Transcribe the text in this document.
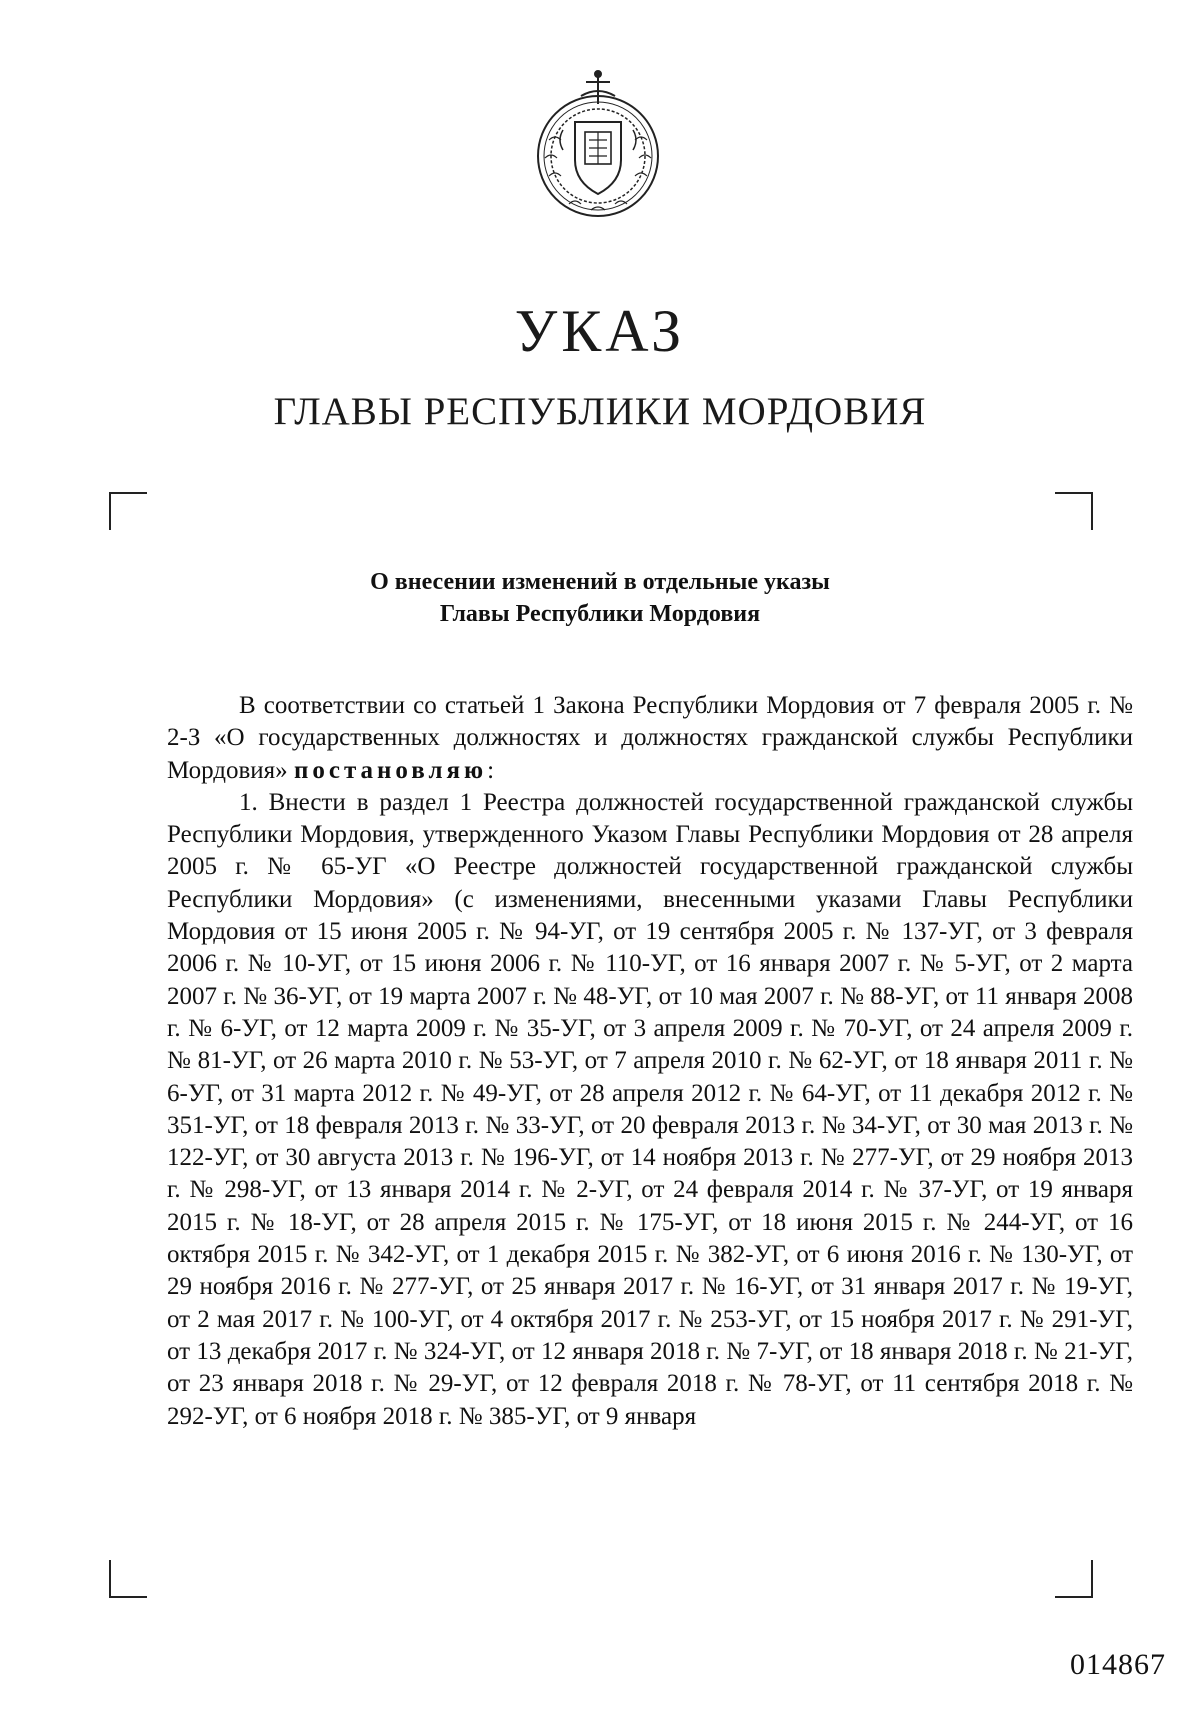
УКАЗ
ГЛАВЫ РЕСПУБЛИКИ МОРДОВИЯ
О внесении изменений в отдельные указы
Главы Республики Мордовия

В соответствии со статьей 1 Закона Республики Мордовия от 7 февраля 2005 г. № 2-З «О государственных должностях и должностях гражданской службы Республики Мордовия» постановляю:

1. Внести в раздел 1 Реестра должностей государственной гражданской службы Республики Мордовия, утвержденного Указом Главы Республики Мордовия от 28 апреля 2005 г. № 65-УГ «О Реестре должностей государственной гражданской службы Республики Мордовия» (с изменениями, внесенными указами Главы Республики Мордовия от 15 июня 2005 г. № 94-УГ, от 19 сентября 2005 г. № 137-УГ, от 3 февраля 2006 г. № 10-УГ, от 15 июня 2006 г. № 110-УГ, от 16 января 2007 г. № 5-УГ, от 2 марта 2007 г. № 36-УГ, от 19 марта 2007 г. № 48-УГ, от 10 мая 2007 г. № 88-УГ, от 11 января 2008 г. № 6-УГ, от 12 марта 2009 г. № 35-УГ, от 3 апреля 2009 г. № 70-УГ, от 24 апреля 2009 г. № 81-УГ, от 26 марта 2010 г. № 53-УГ, от 7 апреля 2010 г. № 62-УГ, от 18 января 2011 г. № 6-УГ, от 31 марта 2012 г. № 49-УГ, от 28 апреля 2012 г. № 64-УГ, от 11 декабря 2012 г. № 351-УГ, от 18 февраля 2013 г. № 33-УГ, от 20 февраля 2013 г. № 34-УГ, от 30 мая 2013 г. № 122-УГ, от 30 августа 2013 г. № 196-УГ, от 14 ноября 2013 г. № 277-УГ, от 29 ноября 2013 г. № 298-УГ, от 13 января 2014 г. № 2-УГ, от 24 февраля 2014 г. № 37-УГ, от 19 января 2015 г. № 18-УГ, от 28 апреля 2015 г. № 175-УГ, от 18 июня 2015 г. № 244-УГ, от 16 октября 2015 г. № 342-УГ, от 1 декабря 2015 г. № 382-УГ, от 6 июня 2016 г. № 130-УГ, от 29 ноября 2016 г. № 277-УГ, от 25 января 2017 г. № 16-УГ, от 31 января 2017 г. № 19-УГ, от 2 мая 2017 г. № 100-УГ, от 4 октября 2017 г. № 253-УГ, от 15 ноября 2017 г. № 291-УГ, от 13 декабря 2017 г. № 324-УГ, от 12 января 2018 г. № 7-УГ, от 18 января 2018 г. № 21-УГ, от 23 января 2018 г. № 29-УГ, от 12 февраля 2018 г. № 78-УГ, от 11 сентября 2018 г. № 292-УГ, от 6 ноября 2018 г. № 385-УГ, от 9 января

014867
